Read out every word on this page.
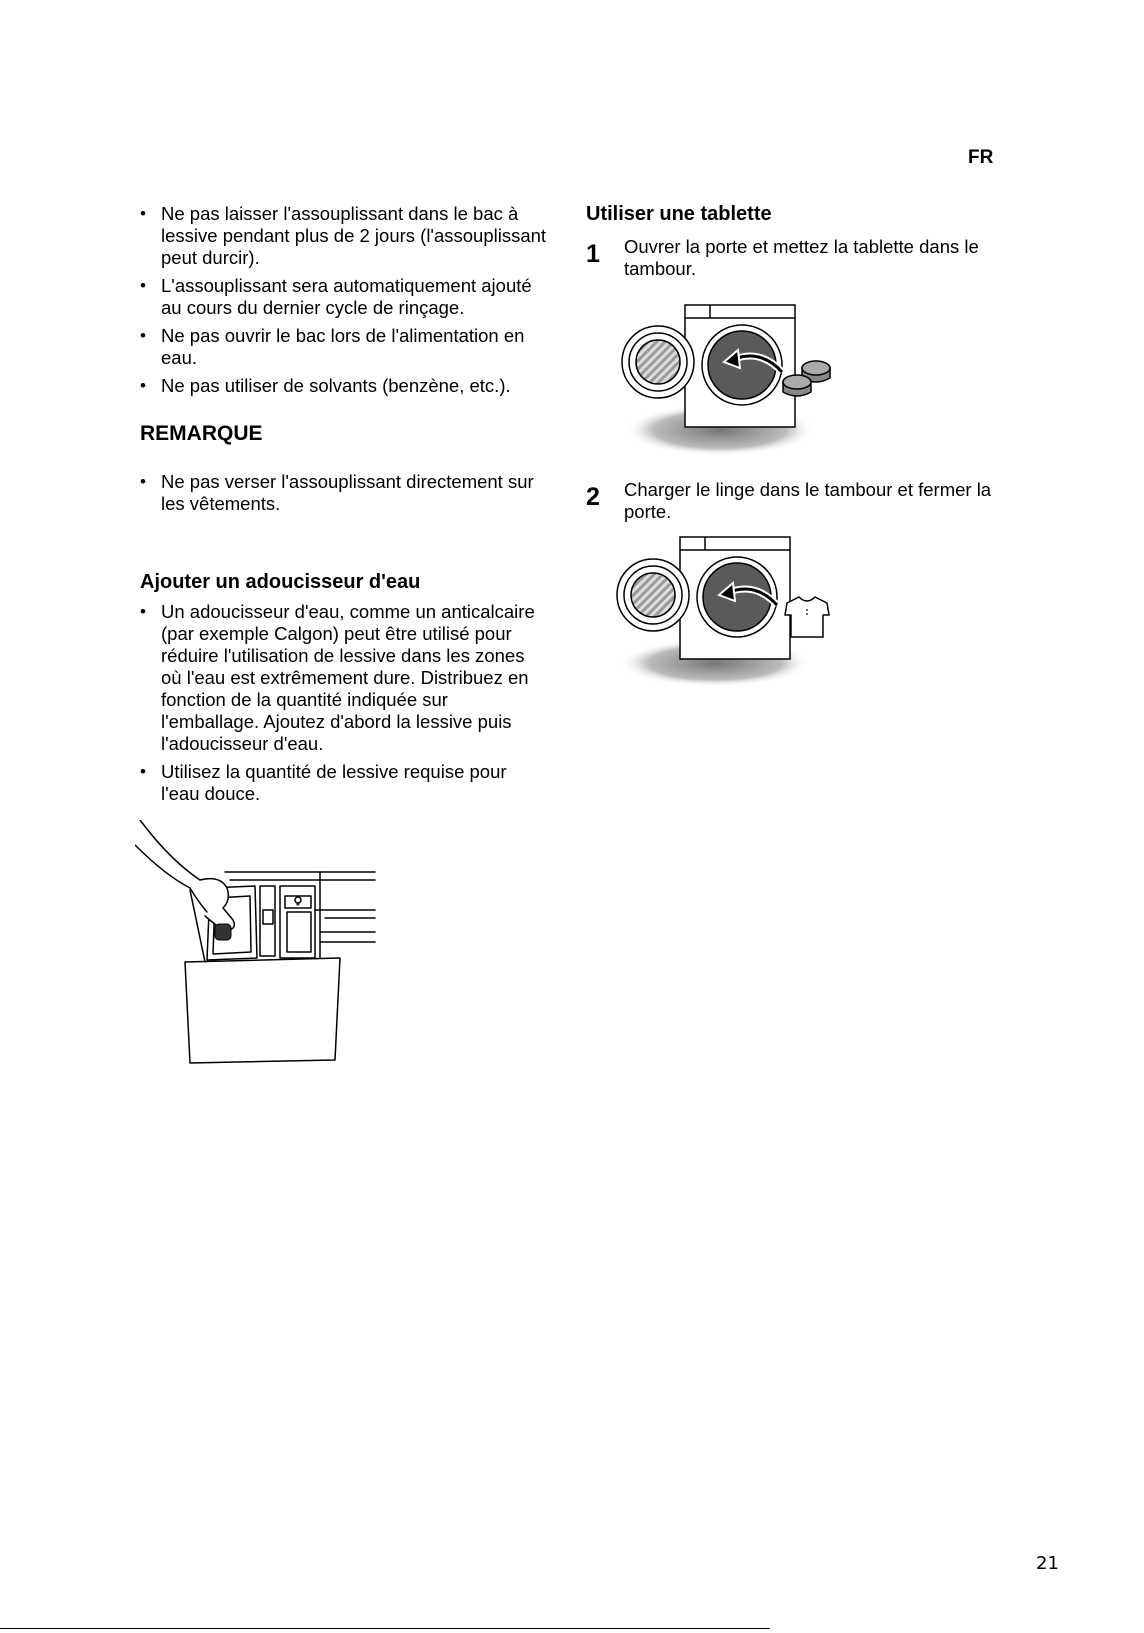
FR
• Ne pas laisser l'assouplissant dans le bac à lessive pendant plus de 2 jours (l'assouplissant peut durcir).
• L'assouplissant sera automatiquement ajouté au cours du dernier cycle de rinçage.
• Ne pas ouvrir le bac lors de l'alimentation en eau.
• Ne pas utiliser de solvants (benzène, etc.).
REMARQUE
• Ne pas verser l'assouplissant directement sur les vêtements.
Ajouter un adoucisseur d'eau
• Un adoucisseur d'eau, comme un anticalcaire (par exemple Calgon) peut être utilisé pour réduire l'utilisation de lessive dans les zones où l'eau est extrêmement dure. Distribuez en fonction de la quantité indiquée sur l'emballage. Ajoutez d'abord la lessive puis l'adoucisseur d'eau.
• Utilisez la quantité de lessive requise pour l'eau douce.
❀
Utiliser une tablette
1 Ouvrer la porte et mettez la tablette dans le tambour.
2 Charger le linge dans le tambour et fermer la porte.
21
